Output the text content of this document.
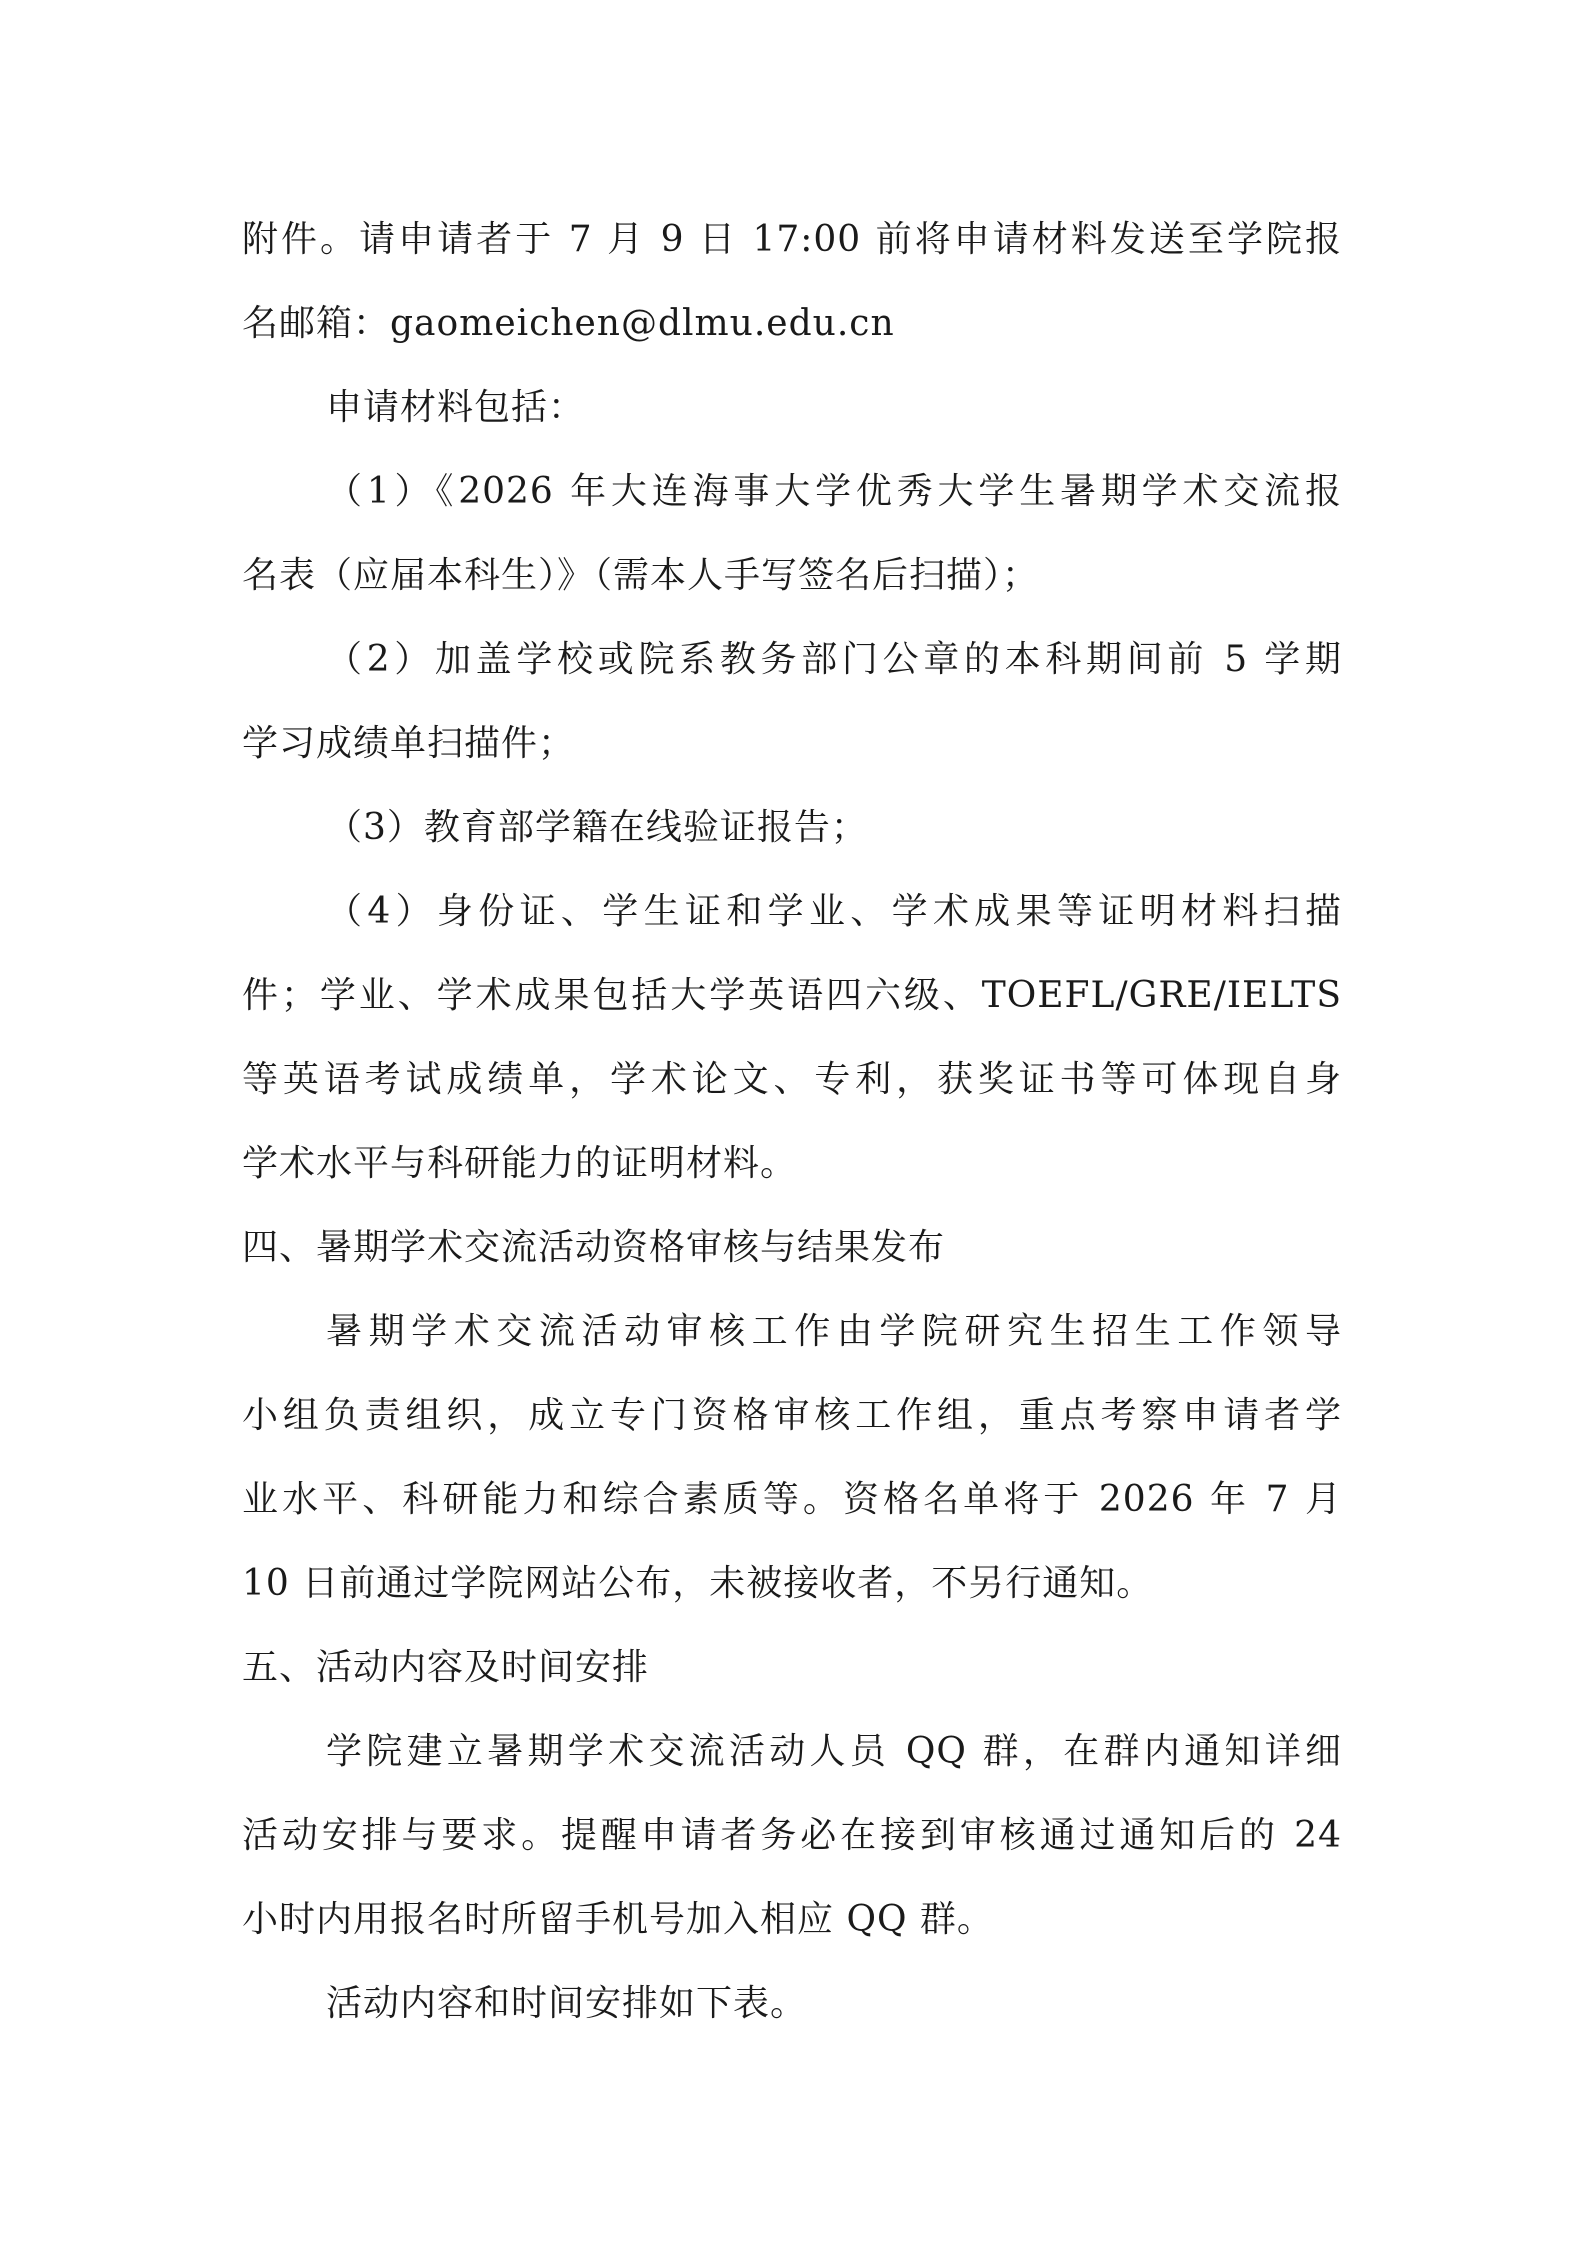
附件。请申请者于 7 月 9 日 17:00 前将申请材料发送至学院报
名邮箱：gaomeichen@dlmu.edu.cn
申请材料包括：
（1）《2026 年大连海事大学优秀大学生暑期学术交流报
名表（应届本科生）》（需本人手写签名后扫描）；
（2）加盖学校或院系教务部门公章的本科期间前 5 学期
学习成绩单扫描件；
（3）教育部学籍在线验证报告；
（4）身份证、学生证和学业、学术成果等证明材料扫描
件；学业、学术成果包括大学英语四六级、TOEFL/GRE/IELTS
等英语考试成绩单，学术论文、专利，获奖证书等可体现自身
学术水平与科研能力的证明材料。
四、暑期学术交流活动资格审核与结果发布
暑期学术交流活动审核工作由学院研究生招生工作领导
小组负责组织，成立专门资格审核工作组，重点考察申请者学
业水平、科研能力和综合素质等。资格名单将于 2026 年 7 月
10 日前通过学院网站公布，未被接收者，不另行通知。
五、活动内容及时间安排
学院建立暑期学术交流活动人员 QQ 群，在群内通知详细
活动安排与要求。提醒申请者务必在接到审核通过通知后的 24
小时内用报名时所留手机号加入相应 QQ 群。
活动内容和时间安排如下表。
